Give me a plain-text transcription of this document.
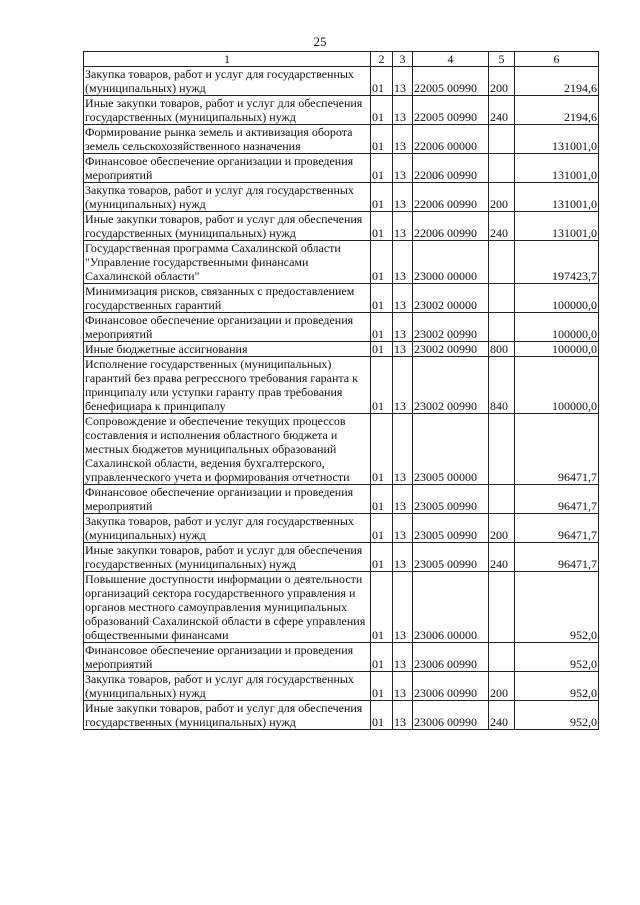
25
1	2	3	4	5	6
Закупка товаров, работ и услуг для государственных (муниципальных) нужд	01	13	22005 00990	200	2194,6
Иные закупки товаров, работ и услуг для обеспечения государственных (муниципальных) нужд	01	13	22005 00990	240	2194,6
Формирование рынка земель и активизация оборота земель сельскохозяйственного назначения	01	13	22006 00000		131001,0
Финансовое обеспечение организации и проведения мероприятий	01	13	22006 00990		131001,0
Закупка товаров, работ и услуг для государственных (муниципальных) нужд	01	13	22006 00990	200	131001,0
Иные закупки товаров, работ и услуг для обеспечения государственных (муниципальных) нужд	01	13	22006 00990	240	131001,0
Государственная программа Сахалинской области "Управление государственными финансами Сахалинской области"	01	13	23000 00000		197423,7
Минимизация рисков, связанных с предоставлением государственных гарантий	01	13	23002 00000		100000,0
Финансовое обеспечение организации и проведения мероприятий	01	13	23002 00990		100000,0
Иные бюджетные ассигнования	01	13	23002 00990	800	100000,0
Исполнение государственных (муниципальных) гарантий без права регрессного требования гаранта к принципалу или уступки гаранту прав требования бенефициара к принципалу	01	13	23002 00990	840	100000,0
Сопровождение и обеспечение текущих процессов составления и исполнения областного бюджета и местных бюджетов муниципальных образований Сахалинской области, ведения бухгалтерского, управленческого учета и формирования отчетности	01	13	23005 00000		96471,7
Финансовое обеспечение организации и проведения мероприятий	01	13	23005 00990		96471,7
Закупка товаров, работ и услуг для государственных (муниципальных) нужд	01	13	23005 00990	200	96471,7
Иные закупки товаров, работ и услуг для обеспечения государственных (муниципальных) нужд	01	13	23005 00990	240	96471,7
Повышение доступности информации о деятельности организаций сектора государственного управления и органов местного самоуправления муниципальных образований Сахалинской области в сфере управления общественными финансами	01	13	23006 00000		952,0
Финансовое обеспечение организации и проведения мероприятий	01	13	23006 00990		952,0
Закупка товаров, работ и услуг для государственных (муниципальных) нужд	01	13	23006 00990	200	952,0
Иные закупки товаров, работ и услуг для обеспечения государственных (муниципальных) нужд	01	13	23006 00990	240	952,0
